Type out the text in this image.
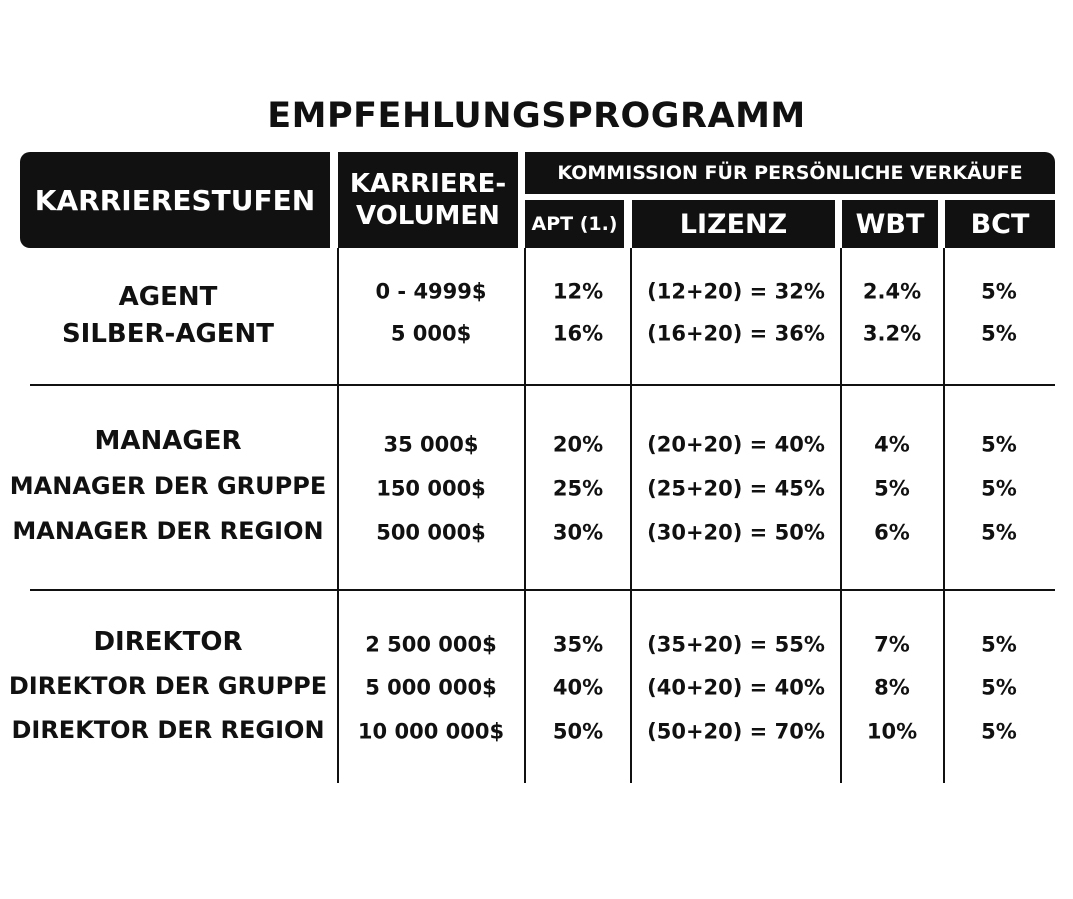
EMPFEHLUNGSPROGRAMM
KARRIERESTUFEN KARRIERE-
VOLUMEN
KOMMISSION FÜR PERSÖNLICHE VERKÄUFE
APT (1.) LIZENZ	WBT BCT
AGENT	0 - 4999$	12% (12+20) = 32% 2.4%	5%
SILBER-AGENT	5 000$	16% (16+20) = 36% 3.2%	5%
MANAGER	35 000$	20% (20+20) = 40% 4%	5%
MANAGER DER GRUPPE 150 000$	25% (25+20) = 45% 5%	5%
MANAGER DER REGION	500 000$	30% (30+20) = 50% 6%	5%
DIREKTOR	2 500 000$	35% (35+20) = 55% 7%	5%
DIREKTOR DER GRUPPE 5 000 000$	40% (40+20) = 40% 8%	5%
DIREKTOR DER REGION 10 000 000$ 50% (50+20) = 70% 10%	5%
